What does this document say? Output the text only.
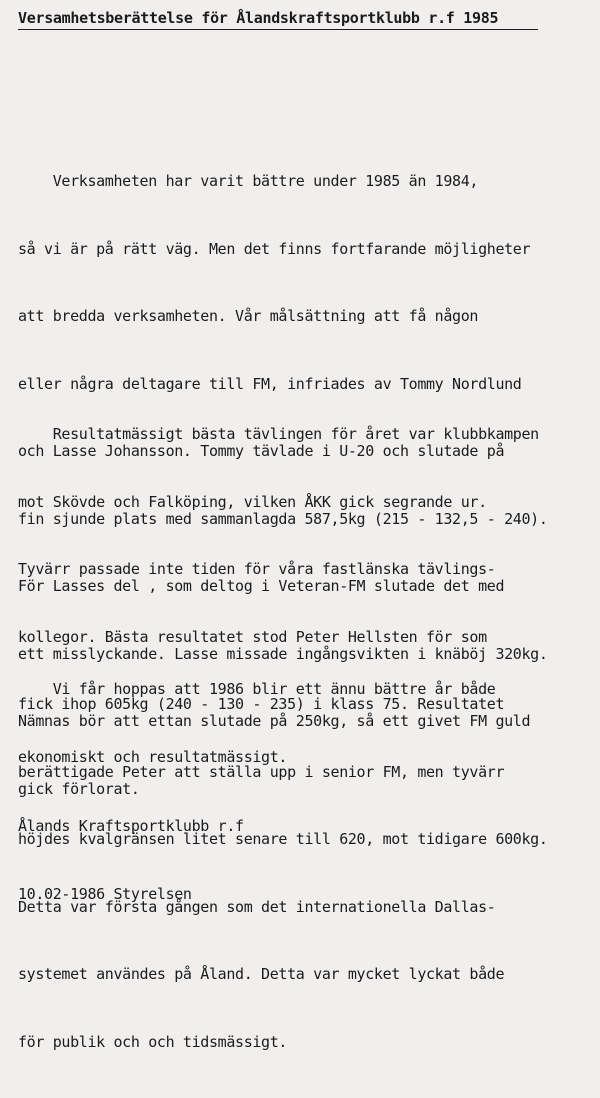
Versamhetsberättelse för Ålandskraftsportklubb r.f 1985

Verksamheten har varit bättre under 1985 än 1984,

så vi är på rätt väg. Men det finns fortfarande möjligheter

att bredda verksamheten. Vår målsättning att få någon

eller några deltagare till FM, infriades av Tommy Nordlund

och Lasse Johansson. Tommy tävlade i U-20 och slutade på

fin sjunde plats med sammanlagda 587,5kg (215 - 132,5 - 240).

För Lasses del , som deltog i Veteran-FM slutade det med

ett misslyckande. Lasse missade ingångsvikten i knäböj 320kg.

Nämnas bör att ettan slutade på 250kg, så ett givet FM guld

gick förlorat.

Resultatmässigt bästa tävlingen för året var klubbkampen

mot Skövde och Falköping, vilken ÅKK gick segrande ur.

Tyvärr passade inte tiden för våra fastlänska tävlings-

kollegor. Bästa resultatet stod Peter Hellsten för som

fick ihop 605kg (240 - 130 - 235) i klass 75. Resultatet

berättigade Peter att ställa upp i senior FM, men tyvärr

höjdes kvalgränsen litet senare till 620, mot tidigare 600kg.

Detta var första gången som det internationella Dallas-

systemet användes på Åland. Detta var mycket lyckat både

för publik och och tidsmässigt.

Vi får hoppas att 1986 blir ett ännu bättre år både

ekonomiskt och resultatmässigt.

Ålands Kraftsportklubb r.f

10.02-1986 Styrelsen
